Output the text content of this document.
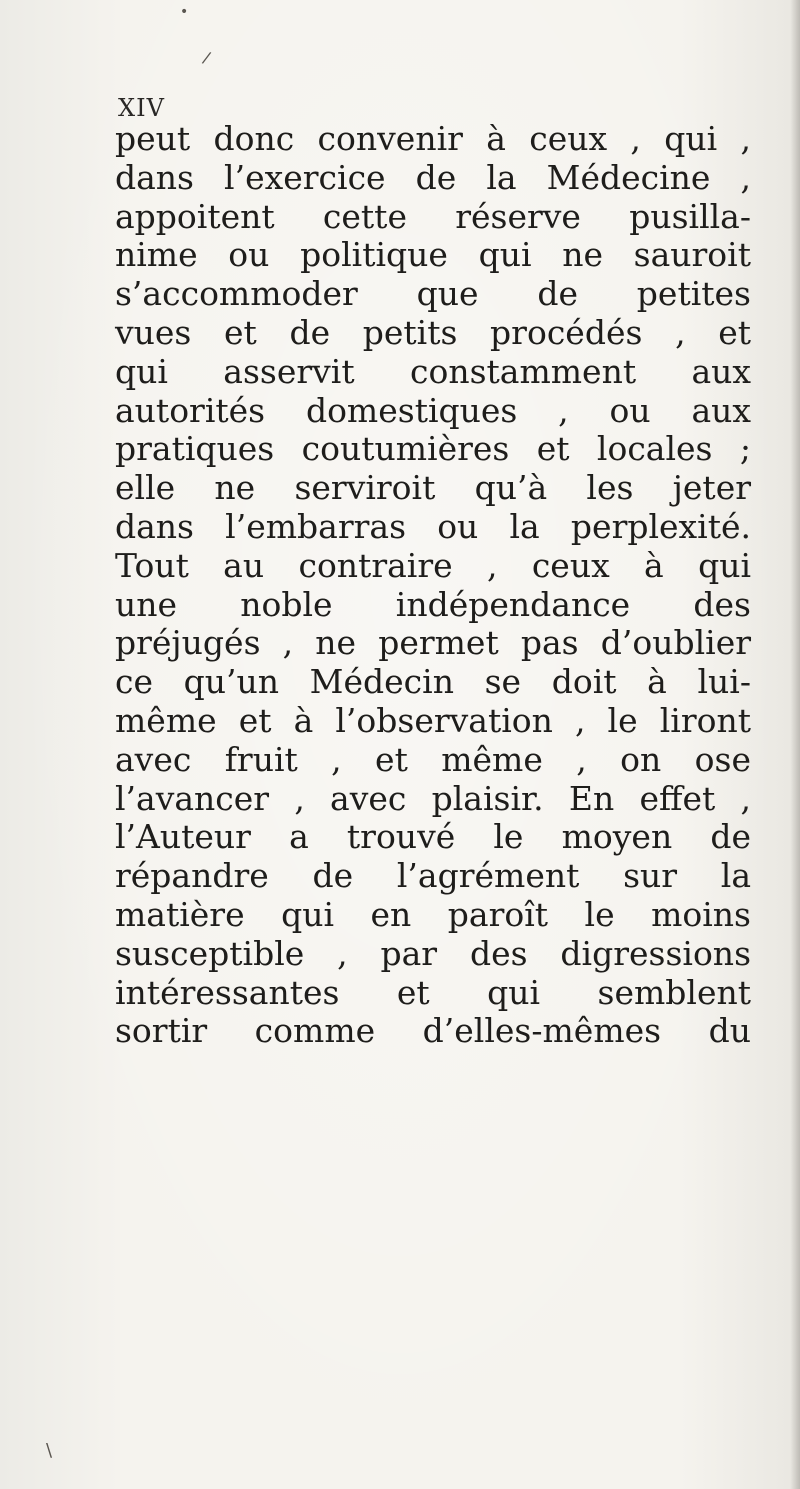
•
/
\
XIV
peut donc convenir à ceux , qui ,
dans l’exercice de la Médecine ,
appoitent cette réserve pusilla-
nime ou politique qui ne sauroit
s’accommoder que de petites
vues et de petits procédés , et
qui asservit constamment aux
autorités domestiques , ou aux
pratiques coutumières et locales ;
elle ne serviroit qu’à les jeter
dans l’embarras ou la perplexité.
Tout au contraire , ceux à qui
une noble indépendance des
préjugés , ne permet pas d’oublier
ce qu’un Médecin se doit à lui-
même et à l’observation , le liront
avec fruit , et même , on ose
l’avancer , avec plaisir. En effet ,
l’Auteur a trouvé le moyen de
répandre de l’agrément sur la
matière qui en paroît le moins
susceptible , par des digressions
intéressantes et qui semblent
sortir comme d’elles-mêmes du
